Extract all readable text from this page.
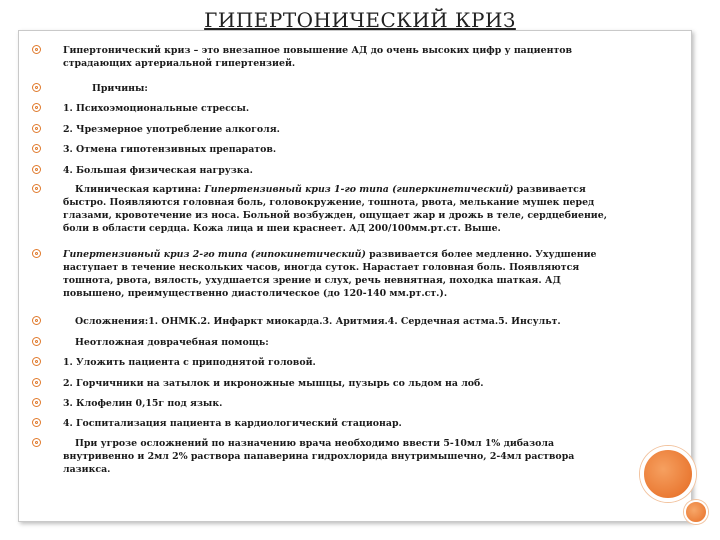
ГИПЕРТОНИЧЕСКИЙ КРИЗ
Гипертонический криз – это внезапное повышение АД до очень высоких цифр у пациентов страдающих артериальной гипертензией.
Причины:
1. Психоэмоциональные стрессы.
2. Чрезмерное употребление алкоголя.
3. Отмена гипотензивных препаратов.
4. Большая физическая нагрузка.
Клиническая картина: Гипертензивный криз 1-го типа (гиперкинетический) развивается быстро. Появляются головная боль, головокружение, тошнота, рвота, мелькание мушек перед глазами, кровотечение из носа. Больной возбужден, ощущает жар и дрожь в теле, сердцебиение, боли в области сердца. Кожа лица и шеи краснеет. АД 200/100мм.рт.ст. Выше.
Гипертензивный криз 2-го типа (гипокинетический) развивается более медленно. Ухудшение наступает в течение нескольких часов, иногда суток. Нарастает головная боль. Появляются тошнота, рвота, вялость, ухудшается зрение и слух, речь невнятная, походка шаткая. АД повышено, преимущественно диастолическое (до 120-140 мм.рт.ст.).
Осложнения:1. ОНМК.2. Инфаркт миокарда.3. Аритмия.4. Сердечная астма.5. Инсульт.
Неотложная доврачебная помощь:
1. Уложить пациента с приподнятой головой.
2. Горчичники на затылок и икроножные мышцы, пузырь со льдом на лоб.
3. Клофелин 0,15г под язык.
4. Госпитализация пациента в кардиологический стационар.
При угрозе осложнений по назначению врача необходимо ввести 5-10мл 1% дибазола внутривенно и 2мл 2% раствора папаверина гидрохлорида внутримышечно, 2-4мл раствора лазикса.
